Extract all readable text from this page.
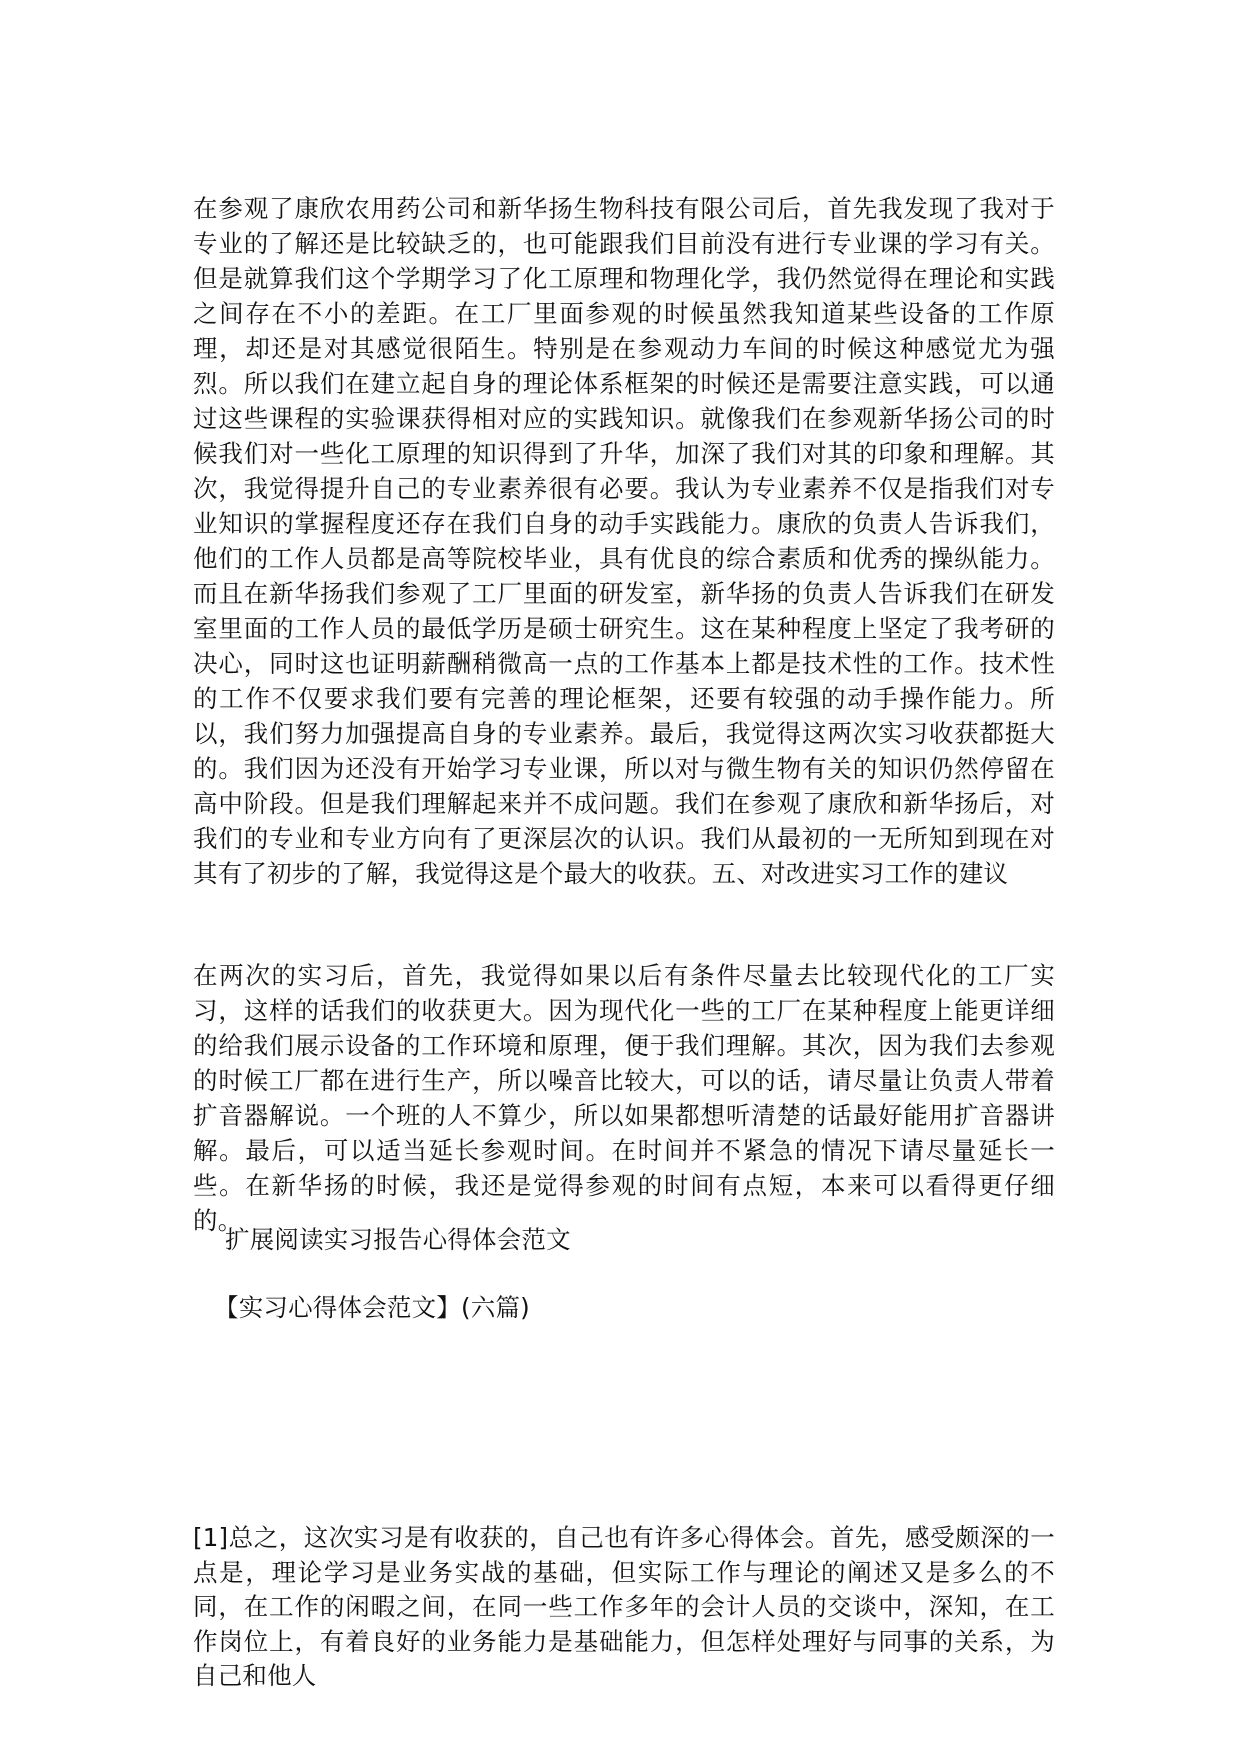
在参观了康欣农用药公司和新华扬生物科技有限公司后，首先我发现了我对于专业的了解还是比较缺乏的，也可能跟我们目前没有进行专业课的学习有关。但是就算我们这个学期学习了化工原理和物理化学，我仍然觉得在理论和实践之间存在不小的差距。在工厂里面参观的时候虽然我知道某些设备的工作原理，却还是对其感觉很陌生。特别是在参观动力车间的时候这种感觉尤为强烈。所以我们在建立起自身的理论体系框架的时候还是需要注意实践，可以通过这些课程的实验课获得相对应的实践知识。就像我们在参观新华扬公司的时候我们对一些化工原理的知识得到了升华，加深了我们对其的印象和理解。其次，我觉得提升自己的专业素养很有必要。我认为专业素养不仅是指我们对专业知识的掌握程度还存在我们自身的动手实践能力。康欣的负责人告诉我们，他们的工作人员都是高等院校毕业，具有优良的综合素质和优秀的操纵能力。而且在新华扬我们参观了工厂里面的研发室，新华扬的负责人告诉我们在研发室里面的工作人员的最低学历是硕士研究生。这在某种程度上坚定了我考研的决心，同时这也证明薪酬稍微高一点的工作基本上都是技术性的工作。技术性的工作不仅要求我们要有完善的理论框架，还要有较强的动手操作能力。所以，我们努力加强提高自身的专业素养。最后，我觉得这两次实习收获都挺大的。我们因为还没有开始学习专业课，所以对与微生物有关的知识仍然停留在高中阶段。但是我们理解起来并不成问题。我们在参观了康欣和新华扬后，对我们的专业和专业方向有了更深层次的认识。我们从最初的一无所知到现在对其有了初步的了解，我觉得这是个最大的收获。五、对改进实习工作的建议

在两次的实习后，首先，我觉得如果以后有条件尽量去比较现代化的工厂实习，这样的话我们的收获更大。因为现代化一些的工厂在某种程度上能更详细的给我们展示设备的工作环境和原理，便于我们理解。其次，因为我们去参观的时候工厂都在进行生产，所以噪音比较大，可以的话，请尽量让负责人带着扩音器解说。一个班的人不算少，所以如果都想听清楚的话最好能用扩音器讲解。最后，可以适当延长参观时间。在时间并不紧急的情况下请尽量延长一些。在新华扬的时候，我还是觉得参观的时间有点短，本来可以看得更仔细的。

扩展阅读实习报告心得体会范文

【实习心得体会范文】(六篇)

[1]总之，这次实习是有收获的，自己也有许多心得体会。首先，感受颇深的一点是，理论学习是业务实战的基础，但实际工作与理论的阐述又是多么的不同，在工作的闲暇之间，在同一些工作多年的会计人员的交谈中，深知，在工作岗位上，有着良好的业务能力是基础能力，但怎样处理好与同事的关系，为自己和他人
